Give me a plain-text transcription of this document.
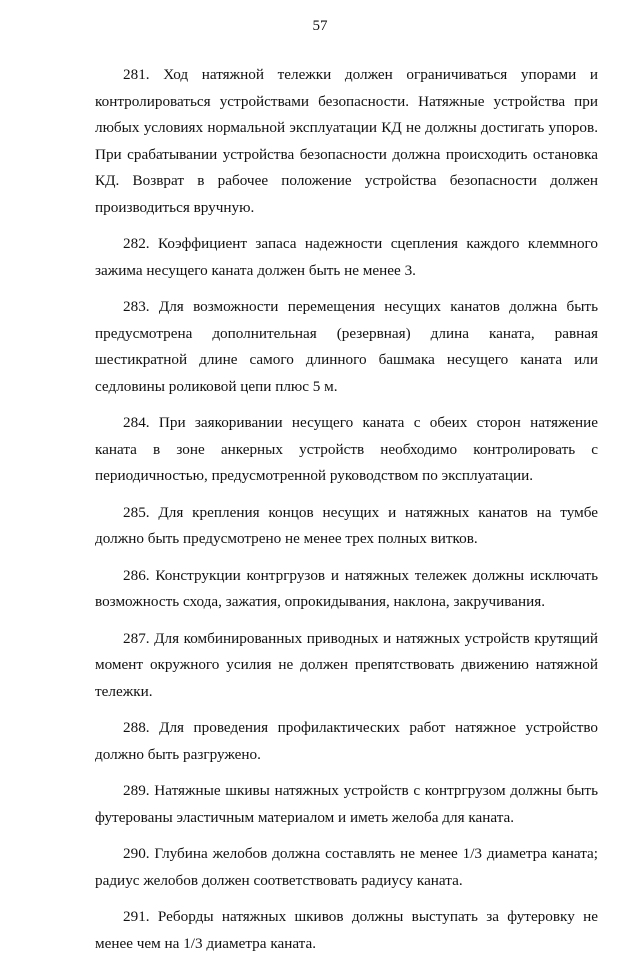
57

281. Ход натяжной тележки должен ограничиваться упорами и контролироваться устройствами безопасности. Натяжные устройства при любых условиях нормальной эксплуатации КД не должны достигать упоров. При срабатывании устройства безопасности должна происходить остановка КД. Возврат в рабочее положение устройства безопасности должен производиться вручную.

282. Коэффициент запаса надежности сцепления каждого клеммного зажима несущего каната должен быть не менее 3.

283. Для возможности перемещения несущих канатов должна быть предусмотрена дополнительная (резервная) длина каната, равная шестикратной длине самого длинного башмака несущего каната или седловины роликовой цепи плюс 5 м.

284. При заякоривании несущего каната с обеих сторон натяжение каната в зоне анкерных устройств необходимо контролировать с периодичностью, предусмотренной руководством по эксплуатации.

285. Для крепления концов несущих и натяжных канатов на тумбе должно быть предусмотрено не менее трех полных витков.

286. Конструкции контргрузов и натяжных тележек должны исключать возможность схода, зажатия, опрокидывания, наклона, закручивания.

287. Для комбинированных приводных и натяжных устройств крутящий момент окружного усилия не должен препятствовать движению натяжной тележки.

288. Для проведения профилактических работ натяжное устройство должно быть разгружено.

289. Натяжные шкивы натяжных устройств с контргрузом должны быть футерованы эластичным материалом и иметь желоба для каната.

290. Глубина желобов должна составлять не менее 1/3 диаметра каната; радиус желобов должен соответствовать радиусу каната.

291. Реборды натяжных шкивов должны выступать за футеровку не менее чем на 1/3 диаметра каната.
